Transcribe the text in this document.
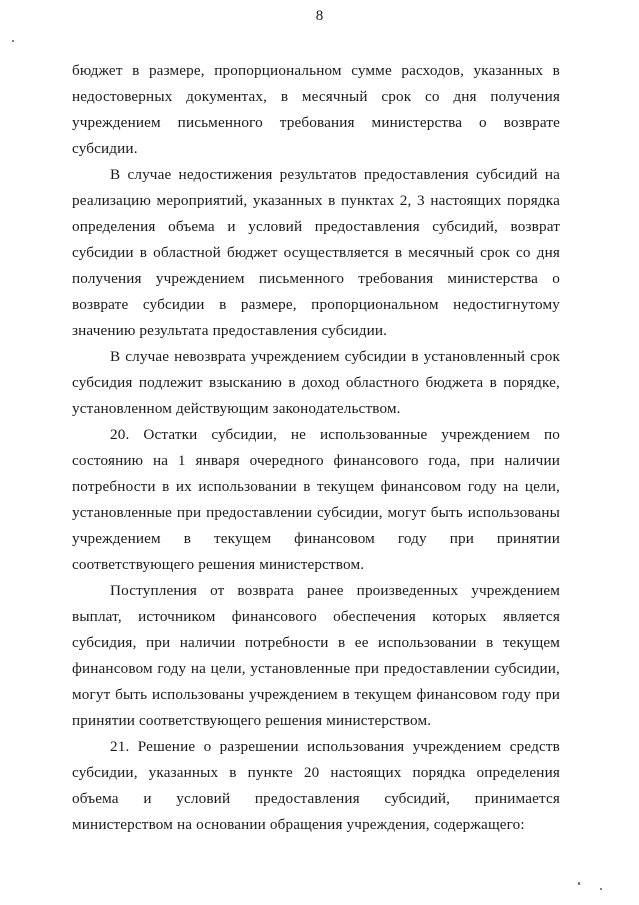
8

бюджет в размере, пропорциональном сумме расходов, указанных в недостоверных документах, в месячный срок со дня получения учреждением письменного требования министерства о возврате субсидии.

В случае недостижения результатов предоставления субсидий на реализацию мероприятий, указанных в пунктах 2, 3 настоящих порядка определения объема и условий предоставления субсидий, возврат субсидии в областной бюджет осуществляется в месячный срок со дня получения учреждением письменного требования министерства о возврате субсидии в размере, пропорциональном недостигнутому значению результата предоставления субсидии.

В случае невозврата учреждением субсидии в установленный срок субсидия подлежит взысканию в доход областного бюджета в порядке, установленном действующим законодательством.

20. Остатки субсидии, не использованные учреждением по состоянию на 1 января очередного финансового года, при наличии потребности в их использовании в текущем финансовом году на цели, установленные при предоставлении субсидии, могут быть использованы учреждением в текущем финансовом году при принятии соответствующего решения министерством.

Поступления от возврата ранее произведенных учреждением выплат, источником финансового обеспечения которых является субсидия, при наличии потребности в ее использовании в текущем финансовом году на цели, установленные при предоставлении субсидии, могут быть использованы учреждением в текущем финансовом году при принятии соответствующего решения министерством.

21. Решение о разрешении использования учреждением средств субсидии, указанных в пункте 20 настоящих порядка определения объема и условий предоставления субсидий, принимается министерством на основании обращения учреждения, содержащего:
